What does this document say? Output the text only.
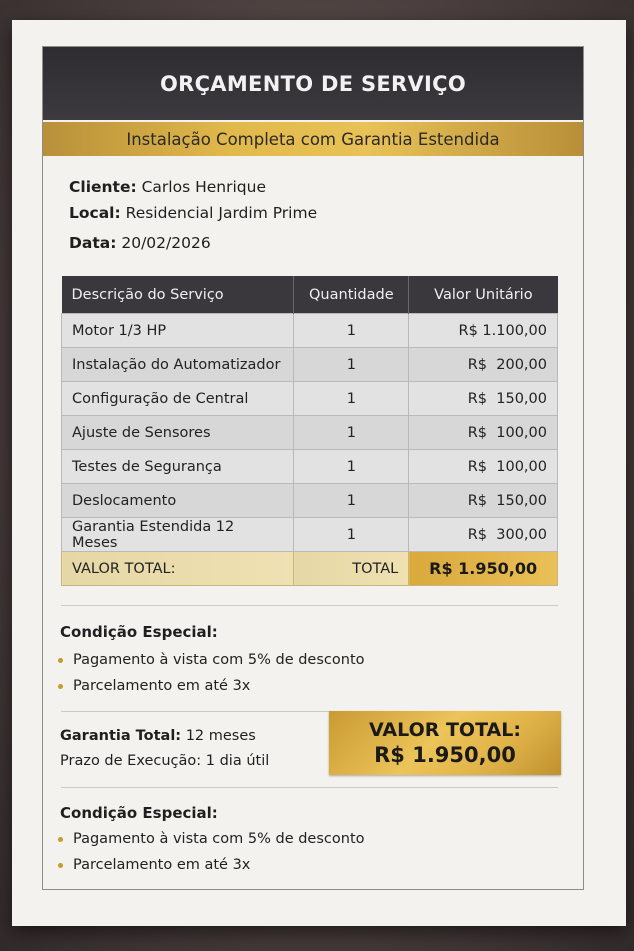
ORÇAMENTO DE SERVIÇO
Instalação Completa com Garantia Estendida
Cliente: Carlos Henrique
Local: Residencial Jardim Prime
Data: 20/02/2026
Descrição do Serviço	Quantidade	Valor Unitário
Motor 1/3 HP	1	R$ 1.100,00
Instalação do Automatizador	1	R$  200,00
Configuração de Central	1	R$  150,00
Ajuste de Sensores	1	R$  100,00
Testes de Segurança	1	R$  100,00
Deslocamento	1	R$  150,00
Garantia Estendida 12 Meses	1	R$  300,00
VALOR TOTAL:	TOTAL	R$ 1.950,00
Condição Especial:
Pagamento à vista com 5% de desconto
Parcelamento em até 3x
Garantia Total: 12 meses
Prazo de Execução: 1 dia útil
VALOR TOTAL:
R$ 1.950,00
Condição Especial:
Pagamento à vista com 5% de desconto
Parcelamento em até 3x
